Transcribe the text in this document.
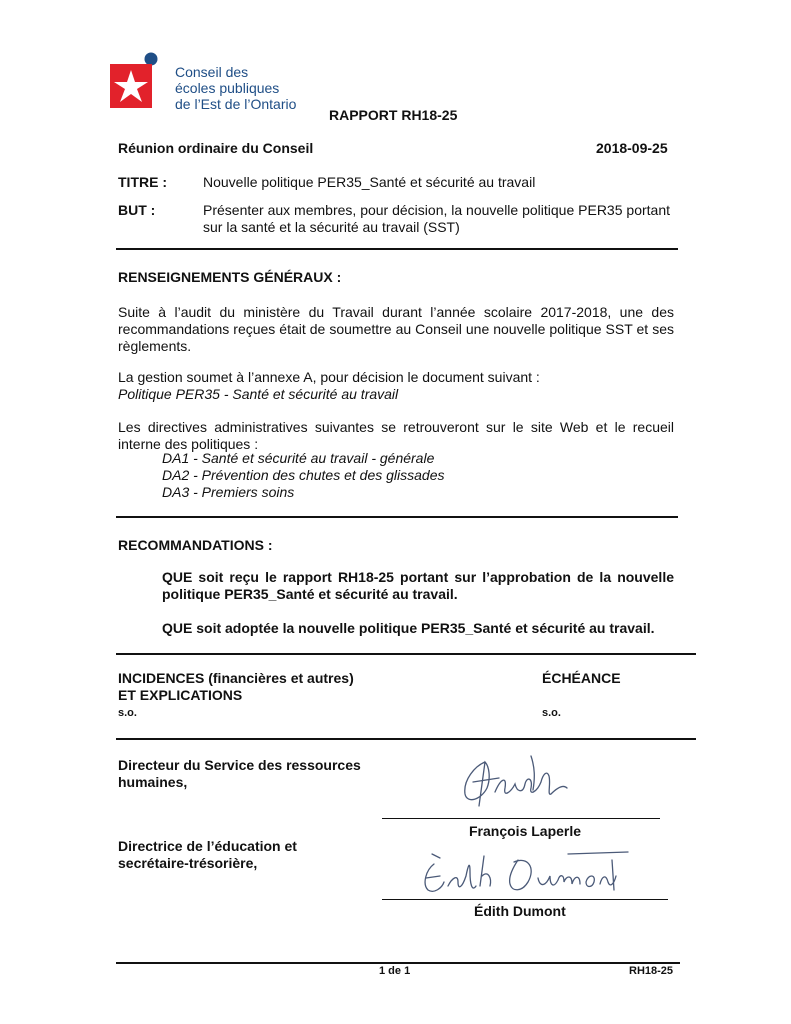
Conseil des
écoles publiques
de l’Est de l’Ontario
RAPPORT RH18-25
Réunion ordinaire du Conseil	2018-09-25
TITRE :	Nouvelle politique PER35_Santé et sécurité au travail
BUT :	Présenter aux membres, pour décision, la nouvelle politique PER35 portant sur la santé et la sécurité au travail (SST)
RENSEIGNEMENTS GÉNÉRAUX :
Suite à l’audit du ministère du Travail durant l’année scolaire 2017-2018, une des recommandations reçues était de soumettre au Conseil une nouvelle politique SST et ses règlements.
La gestion soumet à l’annexe A, pour décision le document suivant :
Politique PER35 - Santé et sécurité au travail
Les directives administratives suivantes se retrouveront sur le site Web et le recueil interne des politiques :
DA1 - Santé et sécurité au travail - générale
DA2 - Prévention des chutes et des glissades
DA3 - Premiers soins
RECOMMANDATIONS :
QUE soit reçu le rapport RH18-25 portant sur l’approbation de la nouvelle politique PER35_Santé et sécurité au travail.
QUE soit adoptée la nouvelle politique PER35_Santé et sécurité au travail.
INCIDENCES (financières et autres)
ET EXPLICATIONS
s.o.
ÉCHÉANCE
s.o.
Directeur du Service des ressources
humaines,
François Laperle
Directrice de l’éducation et
secrétaire-trésorière,
Édith Dumont
1 de 1	RH18-25
